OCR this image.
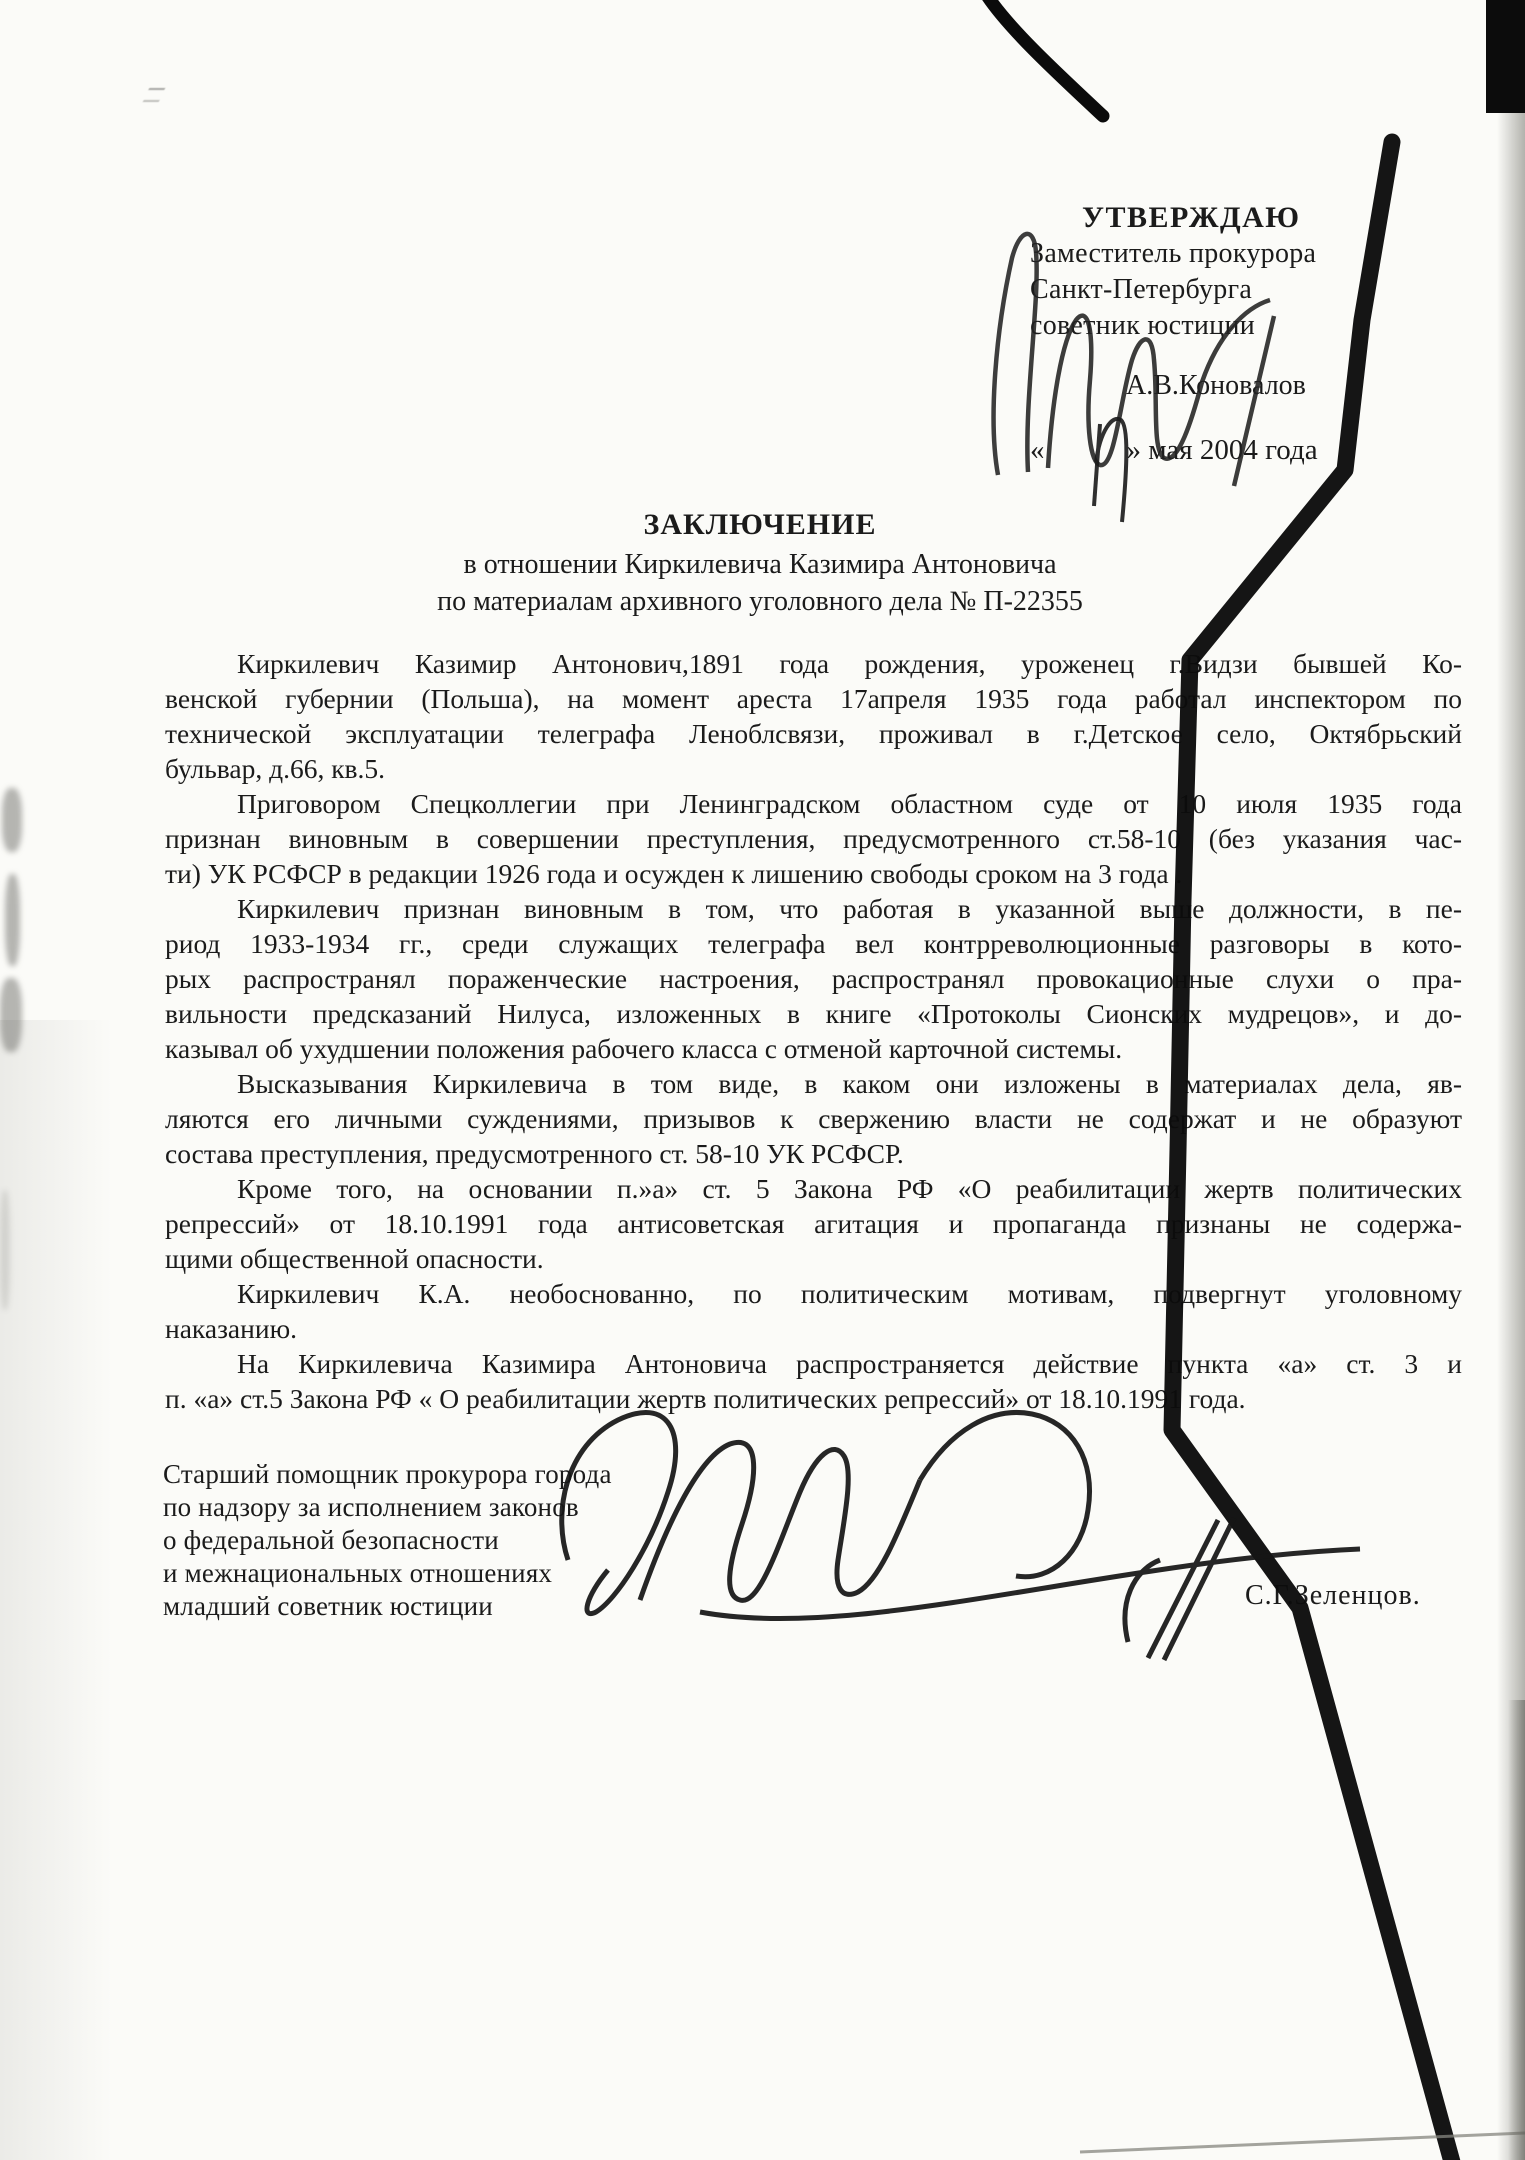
УТВЕРЖДАЮ
Заместитель прокурора
Санкт-Петербурга
советник юстиции
А.В.Коновалов
«	» мая 2004 года
ЗАКЛЮЧЕНИЕ
в отношении Киркилевича Казимира Антоновича
по материалам архивного уголовного дела № П-22355
Киркилевич Казимир Антонович,1891 года рождения, уроженец г.Видзи бывшей Ко-
венской губернии (Польша), на момент ареста 17апреля 1935 года работал инспектором по
технической эксплуатации телеграфа Леноблсвязи, проживал в г.Детское село, Октябрьский
бульвар, д.66, кв.5.
Приговором Спецколлегии при Ленинградском областном суде от 10 июля 1935 года
признан виновным в совершении преступления, предусмотренного ст.58-10 (без указания час-
ти) УК РСФСР в редакции 1926 года и осужден к лишению свободы сроком на 3 года .
Киркилевич признан виновным в том, что работая в указанной выше должности, в пе-
риод 1933-1934 гг., среди служащих телеграфа вел контрреволюционные разговоры в кото-
рых распространял пораженческие настроения, распространял провокационные слухи о пра-
вильности предсказаний Нилуса, изложенных в книге «Протоколы Сионских мудрецов», и до-
казывал об ухудшении положения рабочего класса с отменой карточной системы.
Высказывания Киркилевича в том виде, в каком они изложены в материалах дела, яв-
ляются его личными суждениями, призывов к свержению власти не содержат и не образуют
состава преступления, предусмотренного ст. 58-10 УК РСФСР.
Кроме того, на основании п.»а» ст. 5 Закона РФ «О реабилитации жертв политических
репрессий» от 18.10.1991 года антисоветская агитация и пропаганда признаны не содержа-
щими общественной опасности.
Киркилевич К.А. необоснованно, по политическим мотивам, подвергнут уголовному
наказанию.
На Киркилевича Казимира Антоновича распространяется действие пункта «а» ст. 3 и
п. «а» ст.5 Закона РФ « О реабилитации жертв политических репрессий» от 18.10.1991 года.
Старший помощник прокурора города
по надзору за исполнением законов
о федеральной безопасности
и межнациональных отношениях
младший советник юстиции	С.Г.Зеленцов.
